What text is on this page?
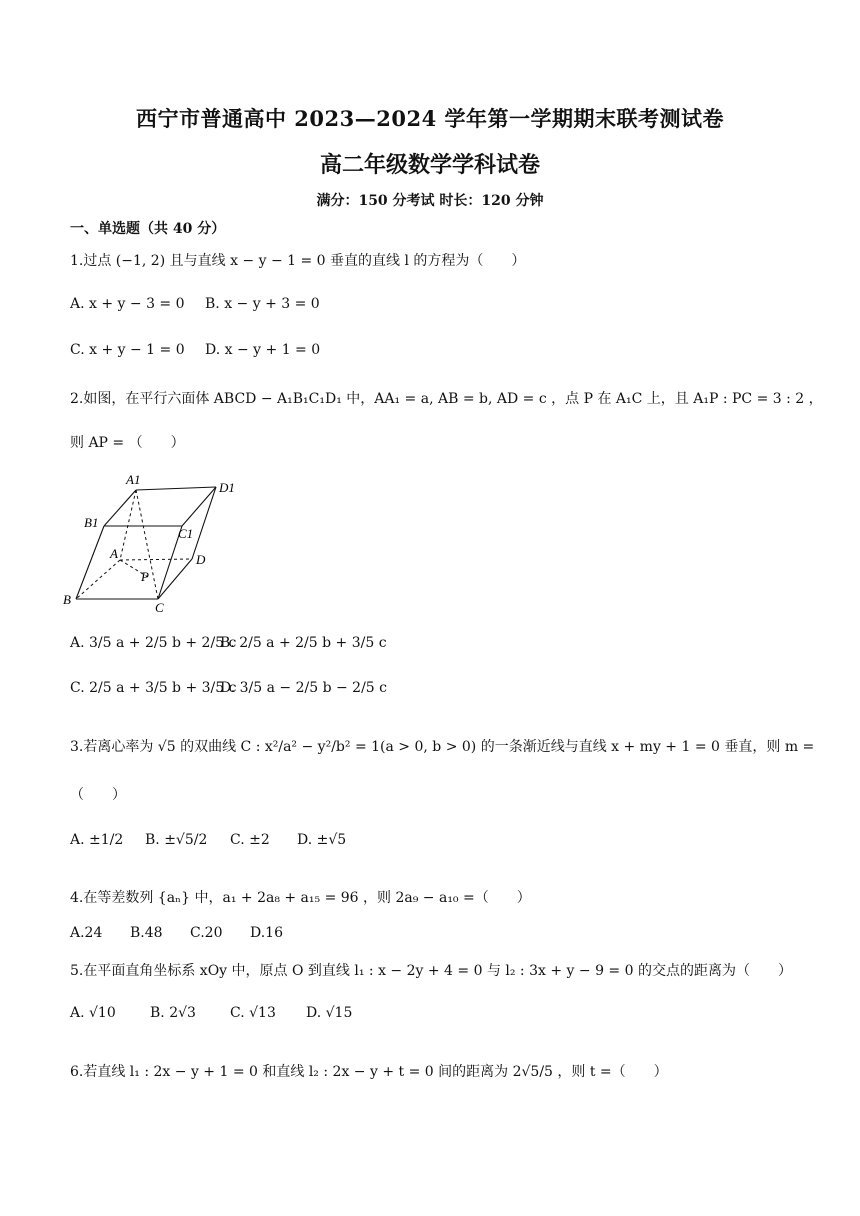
西宁市普通高中 2023—2024 学年第一学期期末联考测试卷
高二年级数学学科试卷
满分：150 分考试 时长：120 分钟
一、单选题（共 40 分）
1.过点 (−1, 2) 且与直线 x − y − 1 = 0 垂直的直线 l 的方程为（　　）
A. x + y − 3 = 0 B. x − y + 3 = 0
C. x + y − 1 = 0 D. x − y + 1 = 0
2.如图，在平行六面体 ABCD − A₁B₁C₁D₁ 中，AA₁ = a, AB = b, AD = c ，点 P 在 A₁C 上，且 A₁P : PC = 3 : 2 ，
则 AP = （　　）
A1
D1
B1
C1
A	D
P
B
C
A. 3/5 a + 2/5 b + 2/5 c
B. 2/5 a + 2/5 b + 3/5 c
C. 2/5 a + 3/5 b + 3/5 c
D. 3/5 a − 2/5 b − 2/5 c
3.若离心率为 √5 的双曲线 C : x²/a² − y²/b² = 1(a > 0, b > 0) 的一条渐近线与直线 x + my + 1 = 0 垂直，则 m =
（　　）
A. ±1/2 B. ±√5/2 C. ±2 D. ±√5
4.在等差数列 {aₙ} 中，a₁ + 2a₈ + a₁₅ = 96 ，则 2a₉ − a₁₀ =（　　）
A.24 B.48 C.20 D.16
5.在平面直角坐标系 xOy 中，原点 O 到直线 l₁ : x − 2y + 4 = 0 与 l₂ : 3x + y − 9 = 0 的交点的距离为（　　）
A. √10 B. 2√3 C. √13 D. √15
6.若直线 l₁ : 2x − y + 1 = 0 和直线 l₂ : 2x − y + t = 0 间的距离为 2√5/5 ，则 t =（　　）
